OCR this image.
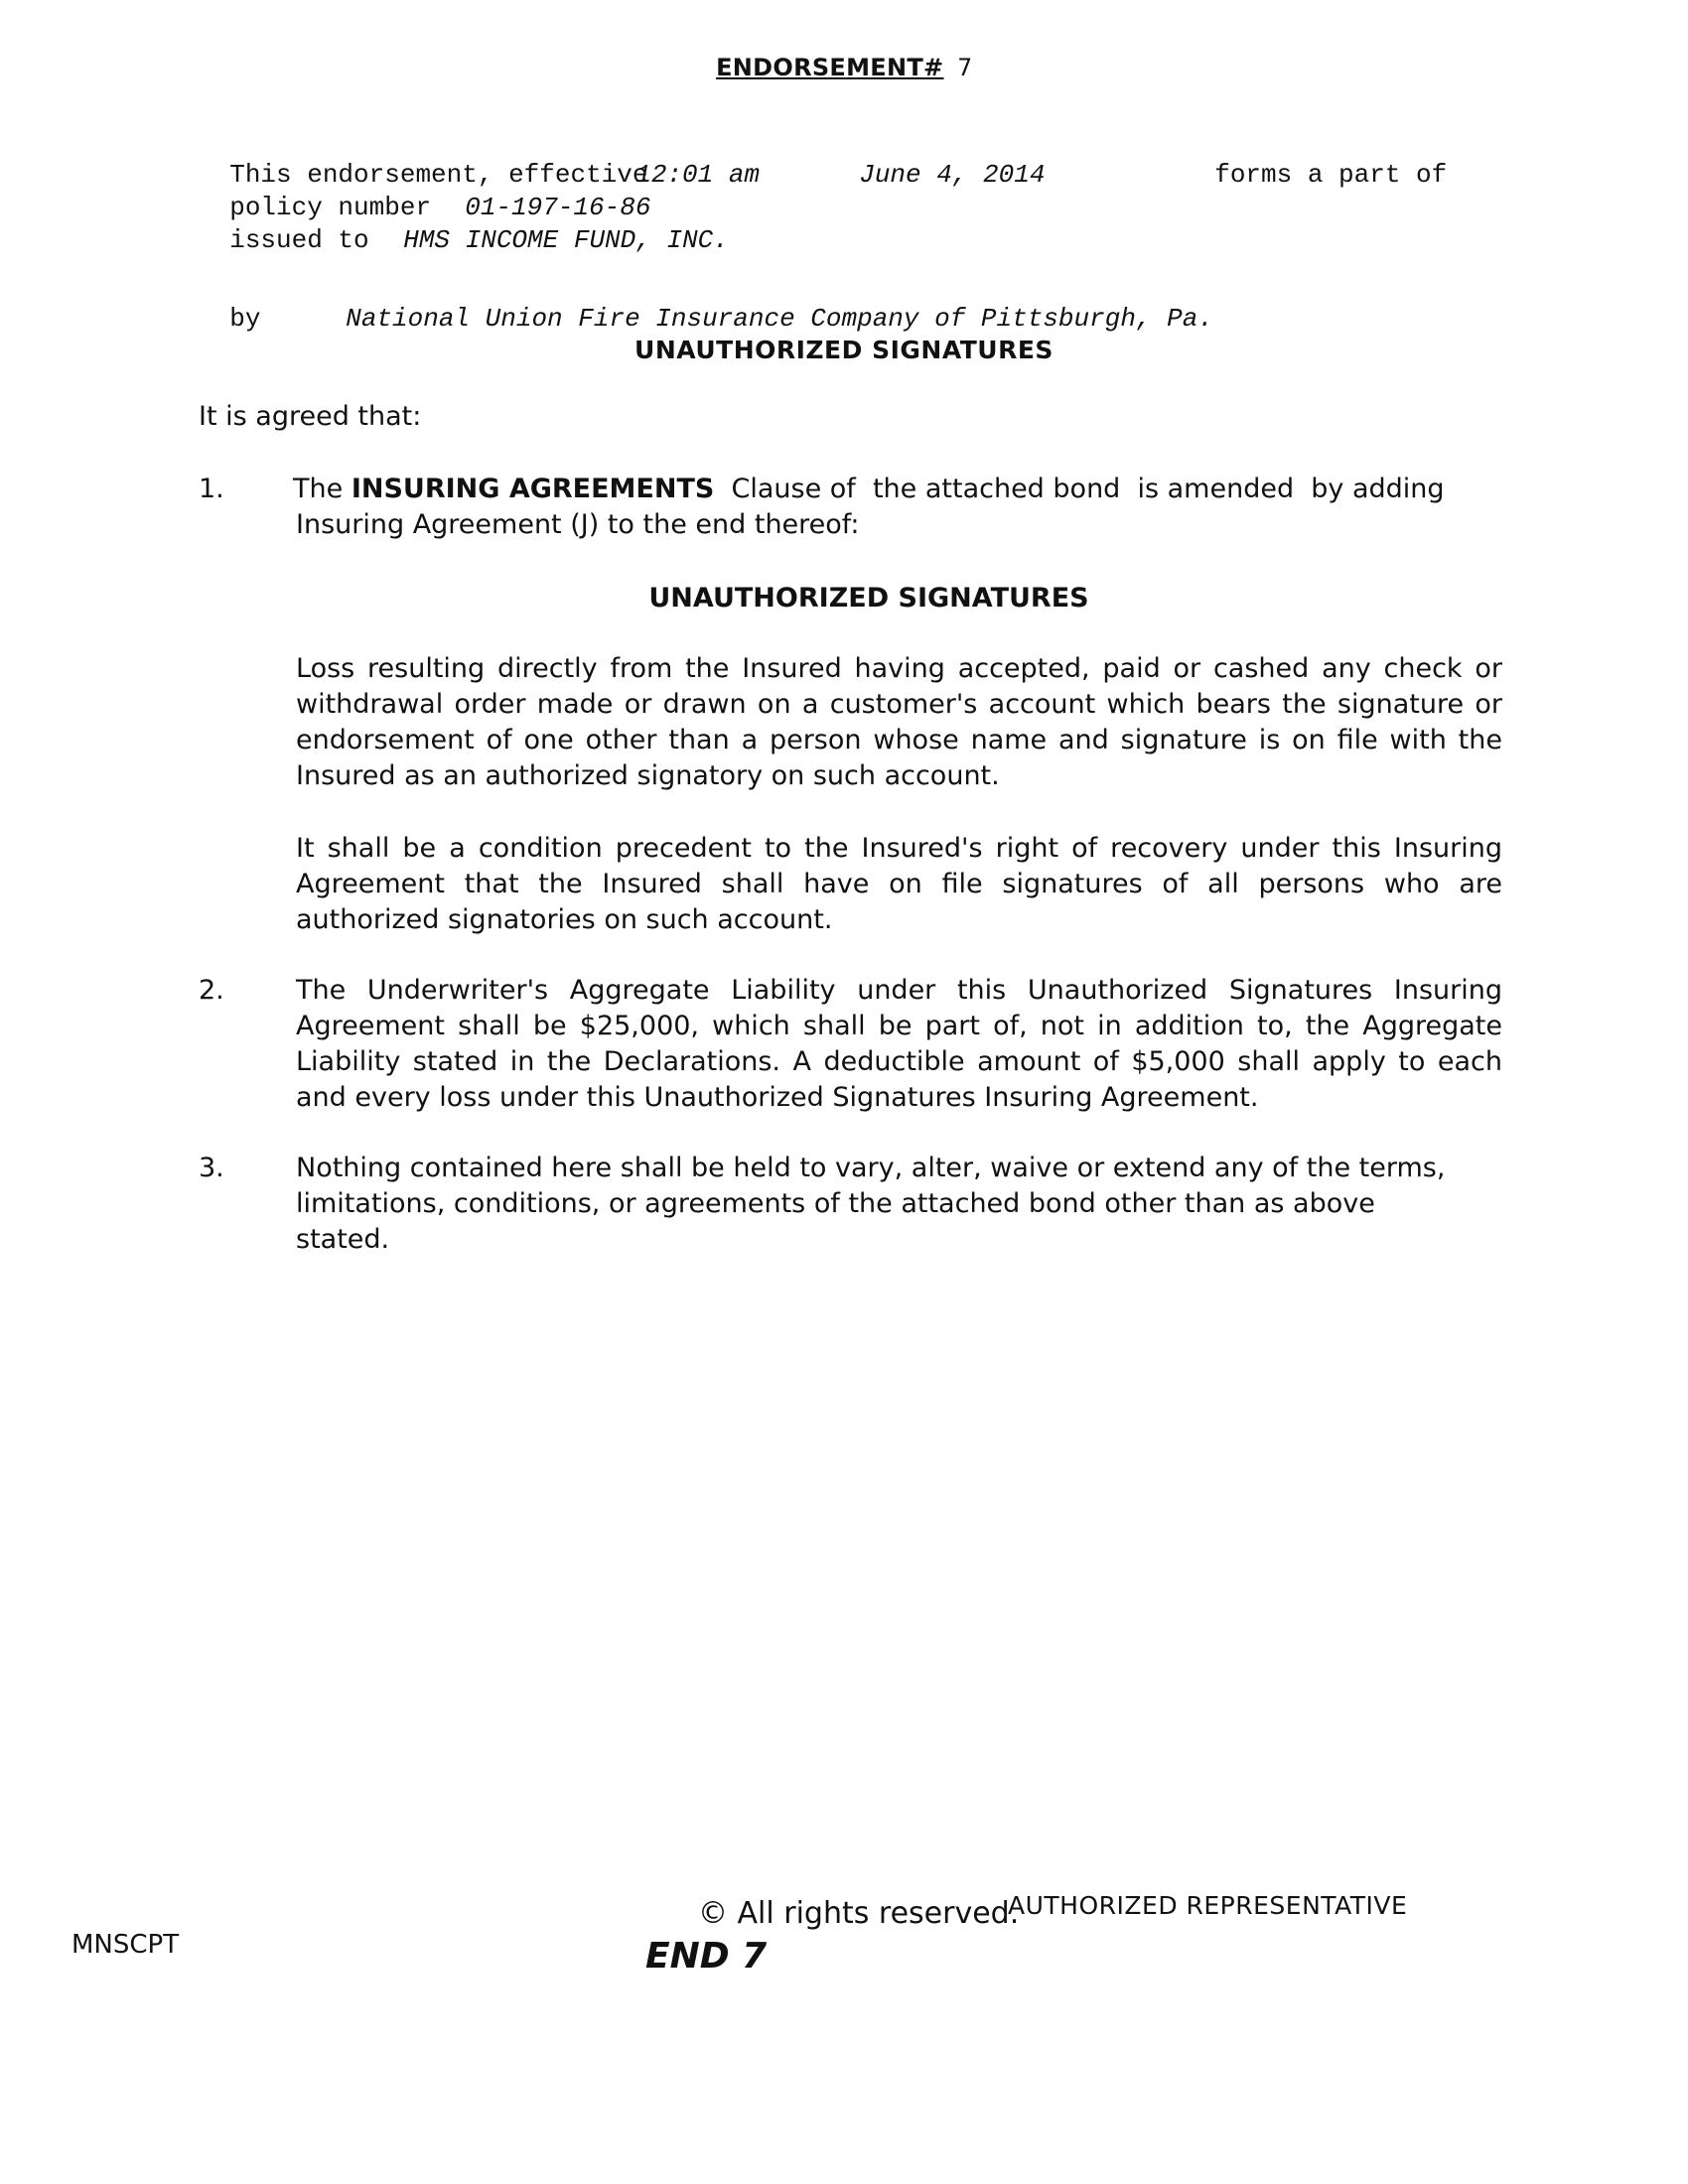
ENDORSEMENT# 7

This endorsement, effective

12:01 am	June 4, 2014	forms a part of

policy number	01-197-16-86

issued to	HMS INCOME FUND, INC.

by	National Union Fire Insurance Company of Pittsburgh, Pa.

UNAUTHORIZED SIGNATURES
It is agreed that:
1.	The INSURING AGREEMENTS Clause of  the attached bond  is amended  by adding
Insuring Agreement (J) to the end thereof:
UNAUTHORIZED SIGNATURES
Loss resulting directly from the Insured having accepted, paid or cashed any check or withdrawal order made or drawn on a customer's account which bears the signature or endorsement of one other than a person whose name and signature is on file with the Insured as an authorized signatory on such account.
It shall be a condition precedent to the Insured's right of recovery under this Insuring Agreement that the Insured shall have on file signatures of all persons who are authorized signatories on such account.
2.	The Underwriter's Aggregate Liability under this Unauthorized Signatures Insuring Agreement shall be $25,000, which shall be part of, not in addition to, the Aggregate Liability stated in the Declarations. A deductible amount of $5,000 shall apply to each and every loss under this Unauthorized Signatures Insuring Agreement.
3.	Nothing contained here shall be held to vary, alter, waive or extend any of the terms, limitations, conditions, or agreements of the attached bond other than as above stated.
MNSCPT
© All rights reserved.
AUTHORIZED REPRESENTATIVE
END 7
